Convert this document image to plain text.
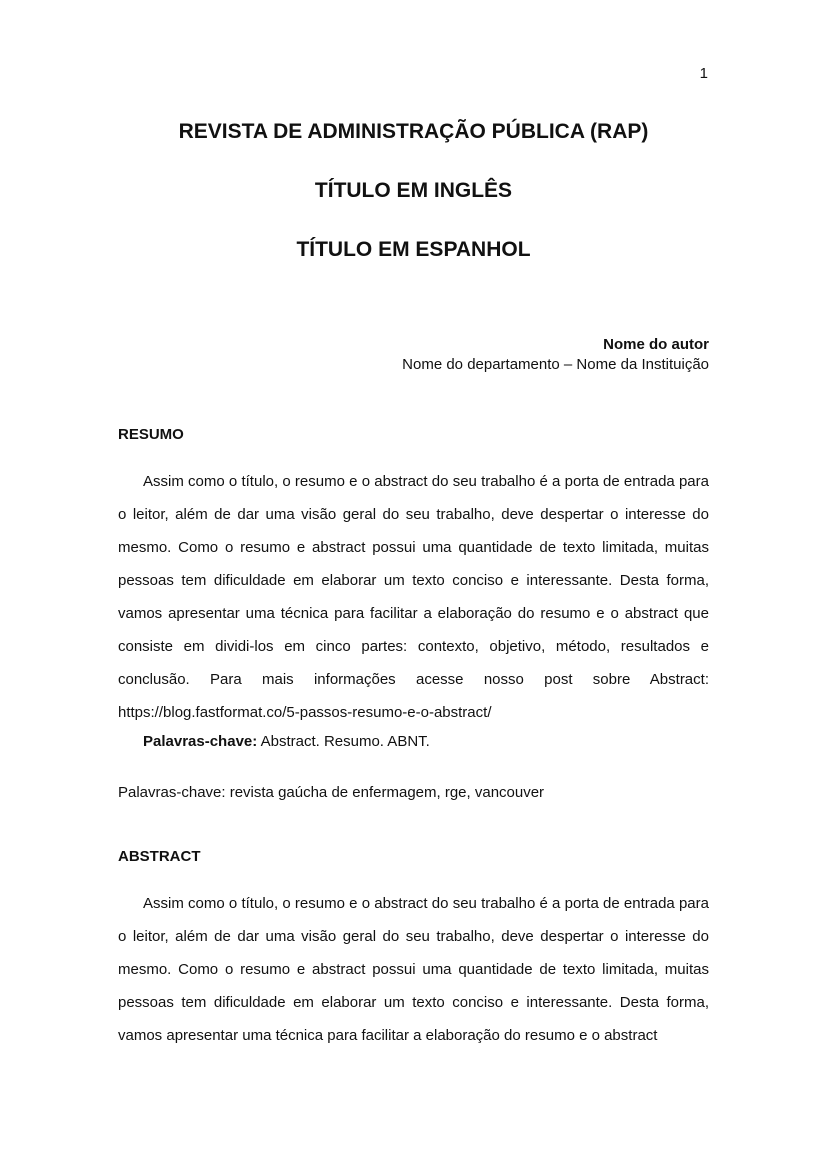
1
REVISTA DE ADMINISTRAÇÃO PÚBLICA (RAP)
TÍTULO EM INGLÊS
TÍTULO EM ESPANHOL
Nome do autor
Nome do departamento – Nome da Instituição
RESUMO

Assim como o título, o resumo e o abstract do seu trabalho é a porta de entrada para o leitor, além de dar uma visão geral do seu trabalho, deve despertar o interesse do mesmo. Como o resumo e abstract possui uma quantidade de texto limitada, muitas pessoas tem dificuldade em elaborar um texto conciso e interessante. Desta forma, vamos apresentar uma técnica para facilitar a elaboração do resumo e o abstract que consiste em dividi-los em cinco partes: contexto, objetivo, método, resultados e conclusão. Para mais informações acesse nosso post sobre Abstract: https://blog.fastformat.co/5-passos-resumo-e-o-abstract/

Palavras-chave: Abstract. Resumo. ABNT.

Palavras-chave: revista gaúcha de enfermagem, rge, vancouver

ABSTRACT

Assim como o título, o resumo e o abstract do seu trabalho é a porta de entrada para o leitor, além de dar uma visão geral do seu trabalho, deve despertar o interesse do mesmo. Como o resumo e abstract possui uma quantidade de texto limitada, muitas pessoas tem dificuldade em elaborar um texto conciso e interessante. Desta forma, vamos apresentar uma técnica para facilitar a elaboração do resumo e o abstract
